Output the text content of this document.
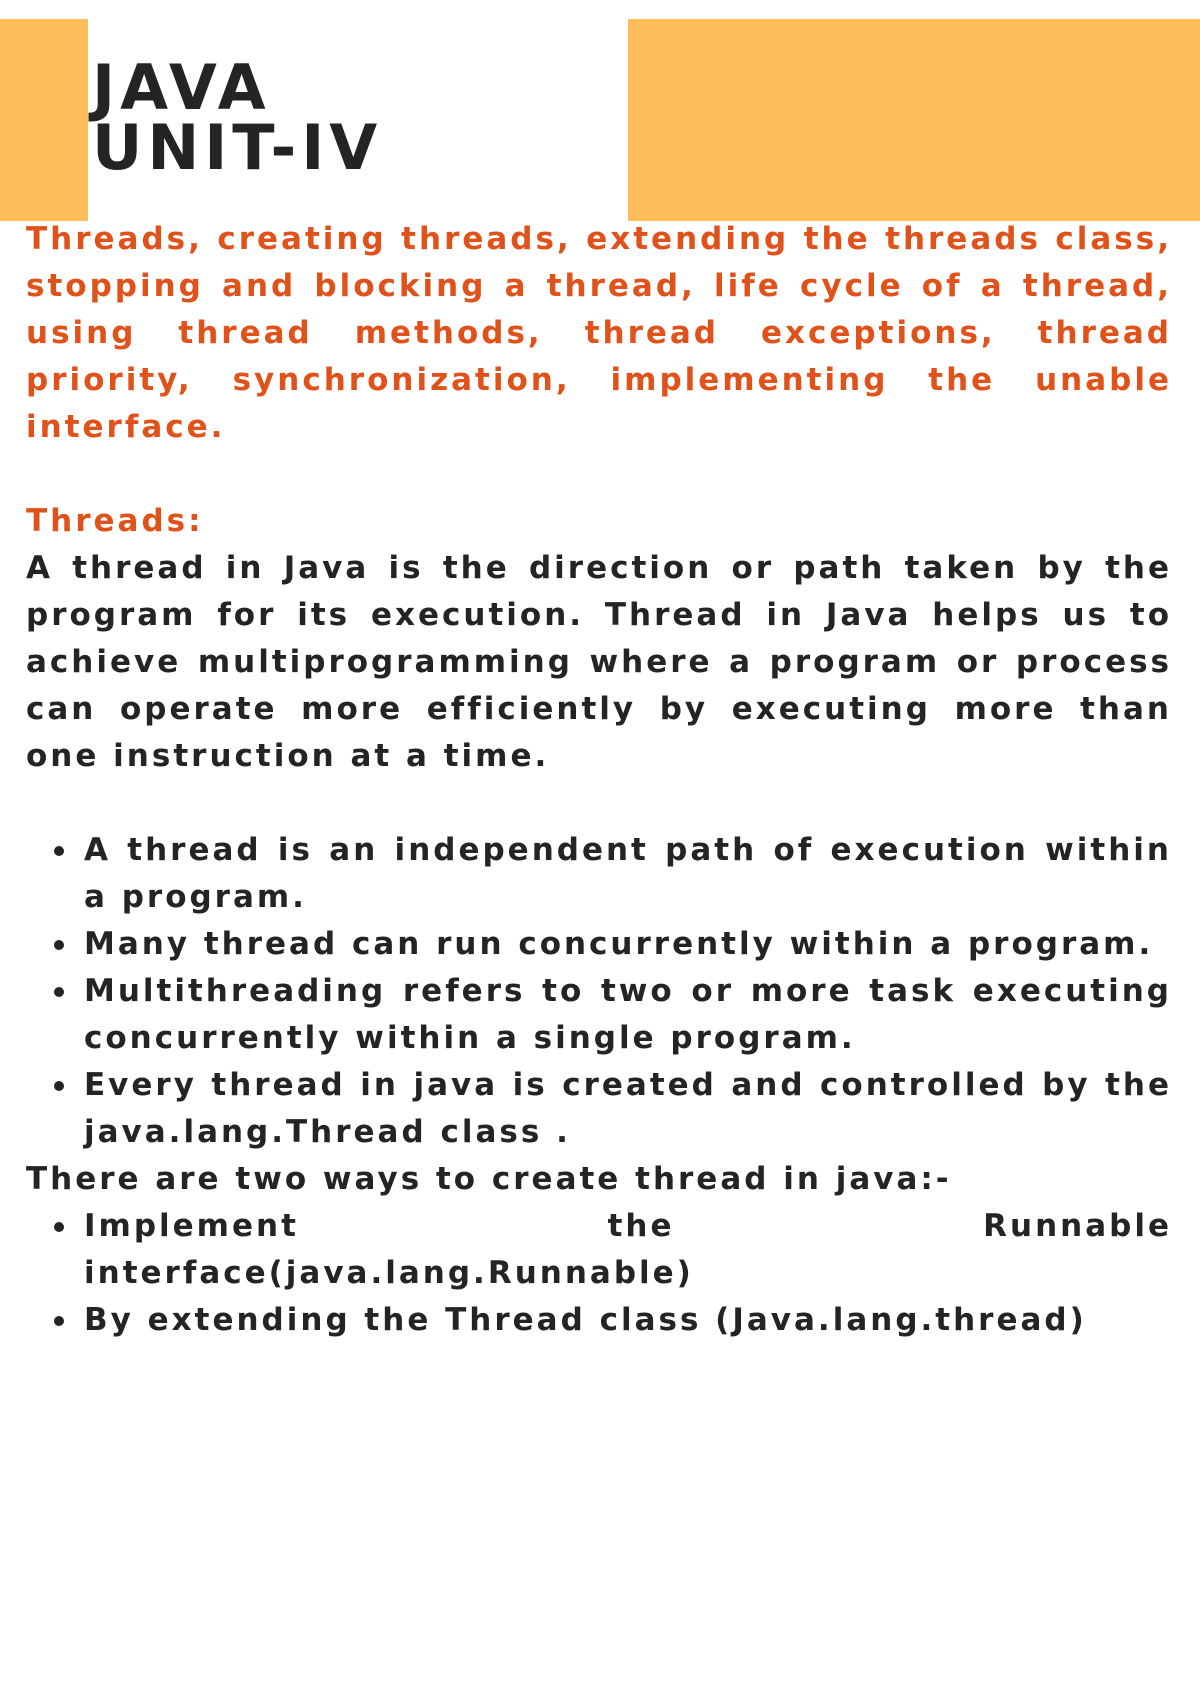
JAVA
UNIT-IV

Threads, creating threads, extending the threads class, stopping and blocking a thread, life cycle of a thread, using thread methods, thread exceptions, thread priority, synchronization, implementing the unable interface.

Threads:

A thread in Java is the direction or path taken by the program for its execution. Thread in Java helps us to achieve multiprogramming where a program or process can operate more efficiently by executing more than one instruction at a time.

A thread is an independent path of execution within a program.
Many thread can run concurrently within a program.
Multithreading refers to two or more task executing concurrently within a single program.
Every thread in java is created and controlled by the java.lang.Thread class .

There are two ways to create thread in java:-

Implement the Runnable interface(java.lang.Runnable)
By extending the Thread class (Java.lang.thread)
